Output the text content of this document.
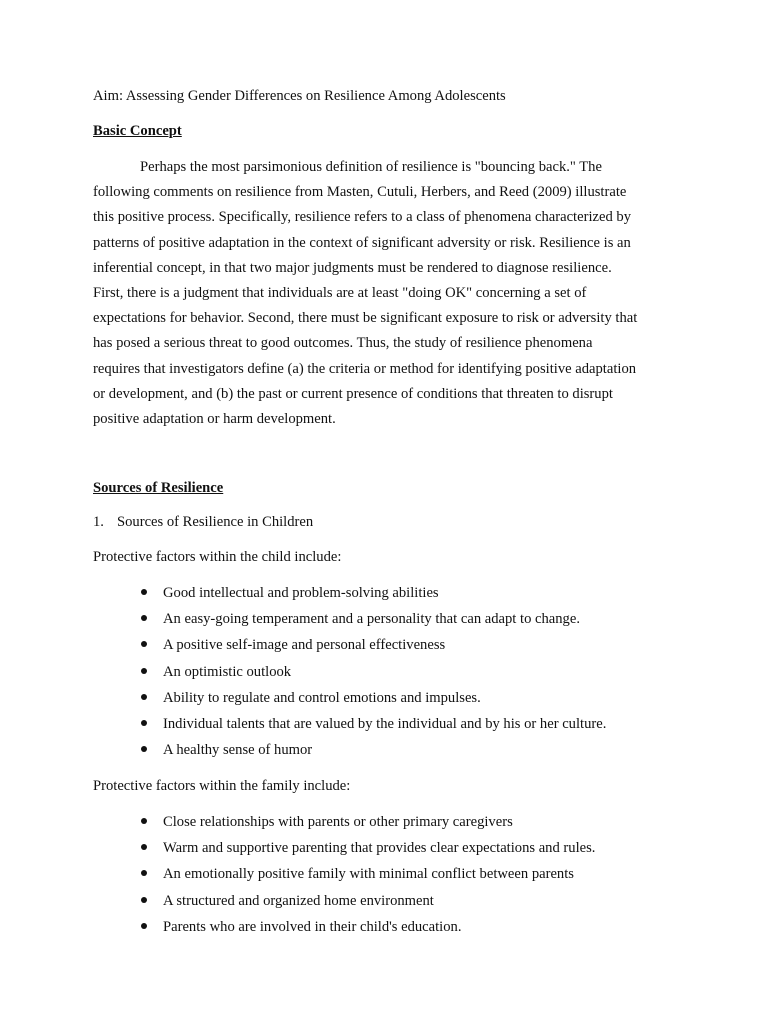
Aim: Assessing Gender Differences on Resilience Among Adolescents
Basic Concept
Perhaps the most parsimonious definition of resilience is "bouncing back." The
following comments on resilience from Masten, Cutuli, Herbers, and Reed (2009) illustrate
this positive process. Specifically, resilience refers to a class of phenomena characterized by
patterns of positive adaptation in the context of significant adversity or risk. Resilience is an
inferential concept, in that two major judgments must be rendered to diagnose resilience.
First, there is a judgment that individuals are at least "doing OK" concerning a set of
expectations for behavior. Second, there must be significant exposure to risk or adversity that
has posed a serious threat to good outcomes. Thus, the study of resilience phenomena
requires that investigators define (a) the criteria or method for identifying positive adaptation
or development, and (b) the past or current presence of conditions that threaten to disrupt
positive adaptation or harm development.
Sources of Resilience
1. Sources of Resilience in Children
Protective factors within the child include:
Good intellectual and problem-solving abilities
An easy-going temperament and a personality that can adapt to change.
A positive self-image and personal effectiveness
An optimistic outlook
Ability to regulate and control emotions and impulses.
Individual talents that are valued by the individual and by his or her culture.
A healthy sense of humor
Protective factors within the family include:
Close relationships with parents or other primary caregivers
Warm and supportive parenting that provides clear expectations and rules.
An emotionally positive family with minimal conflict between parents
A structured and organized home environment
Parents who are involved in their child's education.
